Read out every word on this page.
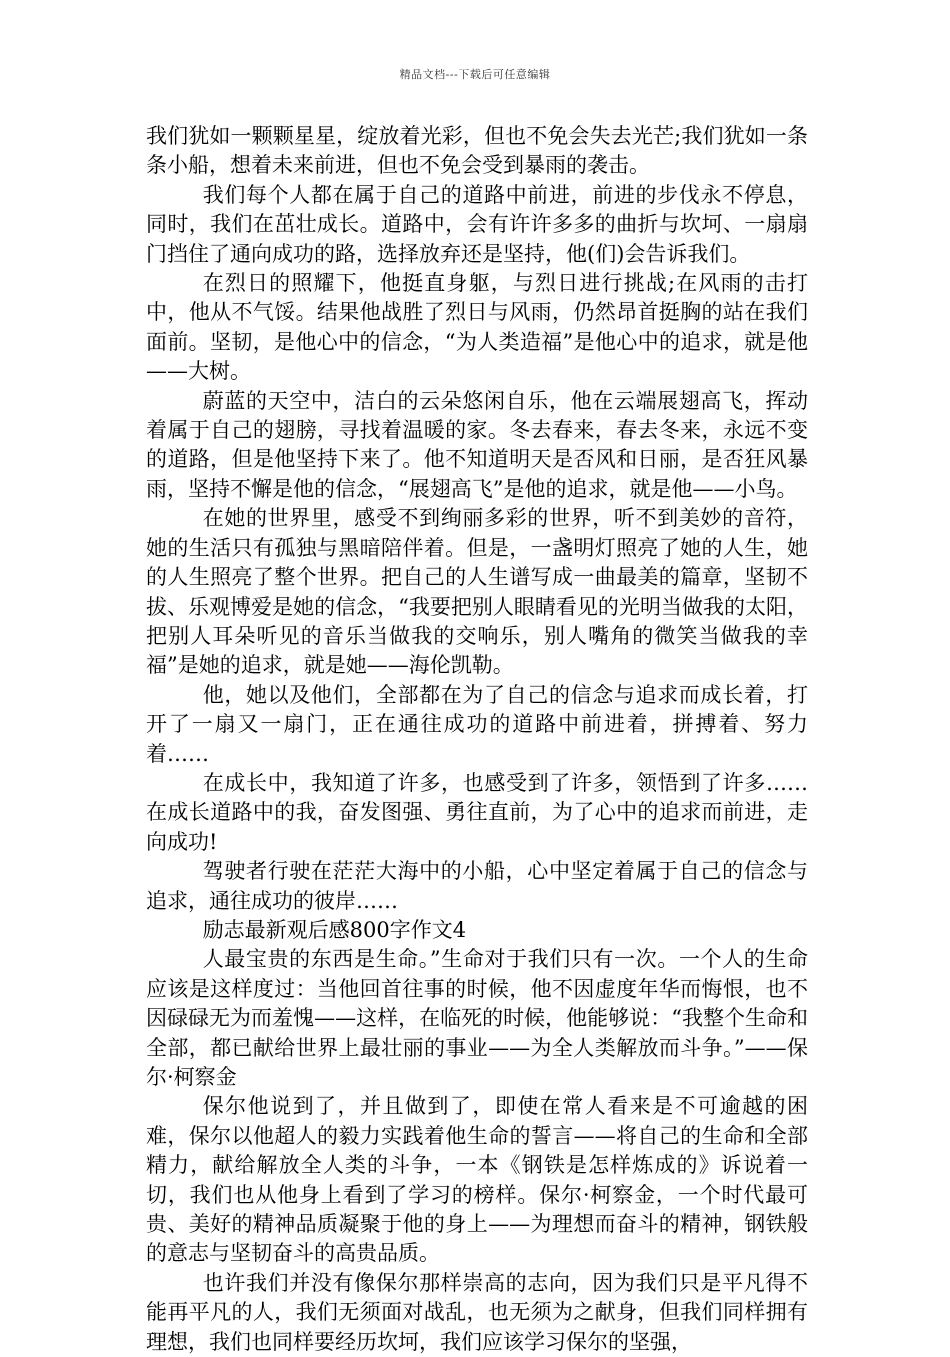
精品文档---下载后可任意编辑

我们犹如一颗颗星星，绽放着光彩，但也不免会失去光芒;我们犹如一条条小船，想着未来前进，但也不免会受到暴雨的袭击。

我们每个人都在属于自己的道路中前进，前进的步伐永不停息，同时，我们在茁壮成长。道路中，会有许许多多的曲折与坎坷、一扇扇门挡住了通向成功的路，选择放弃还是坚持，他(们)会告诉我们。

在烈日的照耀下，他挺直身躯，与烈日进行挑战;在风雨的击打中，他从不气馁。结果他战胜了烈日与风雨，仍然昂首挺胸的站在我们面前。坚韧，是他心中的信念，“为人类造福”是他心中的追求，就是他——大树。

蔚蓝的天空中，洁白的云朵悠闲自乐，他在云端展翅高飞，挥动着属于自己的翅膀，寻找着温暖的家。冬去春来，春去冬来，永远不变的道路，但是他坚持下来了。他不知道明天是否风和日丽，是否狂风暴雨，坚持不懈是他的信念，“展翅高飞”是他的追求，就是他——小鸟。

在她的世界里，感受不到绚丽多彩的世界，听不到美妙的音符，她的生活只有孤独与黑暗陪伴着。但是，一盏明灯照亮了她的人生，她的人生照亮了整个世界。把自己的人生谱写成一曲最美的篇章，坚韧不拔、乐观博爱是她的信念，“我要把别人眼睛看见的光明当做我的太阳，把别人耳朵听见的音乐当做我的交响乐，别人嘴角的微笑当做我的幸福”是她的追求，就是她——海伦凯勒。

他，她以及他们，全部都在为了自己的信念与追求而成长着，打开了一扇又一扇门，正在通往成功的道路中前进着，拼搏着、努力着……

在成长中，我知道了许多，也感受到了许多，领悟到了许多……在成长道路中的我，奋发图强、勇往直前，为了心中的追求而前进，走向成功!

驾驶者行驶在茫茫大海中的小船，心中坚定着属于自己的信念与追求，通往成功的彼岸……

励志最新观后感800字作文4

人最宝贵的东西是生命。”生命对于我们只有一次。一个人的生命应该是这样度过：当他回首往事的时候，他不因虚度年华而悔恨，也不因碌碌无为而羞愧——这样，在临死的时候，他能够说：“我整个生命和全部，都已献给世界上最壮丽的事业——为全人类解放而斗争。”——保尔·柯察金

保尔他说到了，并且做到了，即使在常人看来是不可逾越的困难，保尔以他超人的毅力实践着他生命的誓言——将自己的生命和全部精力，献给解放全人类的斗争，一本《钢铁是怎样炼成的》诉说着一切，我们也从他身上看到了学习的榜样。保尔·柯察金，一个时代最可贵、美好的精神品质凝聚于他的身上——为理想而奋斗的精神，钢铁般的意志与坚韧奋斗的高贵品质。

也许我们并没有像保尔那样崇高的志向，因为我们只是平凡得不能再平凡的人，我们无须面对战乱，也无须为之献身，但我们同样拥有理想，我们也同样要经历坎坷，我们应该学习保尔的坚强，
